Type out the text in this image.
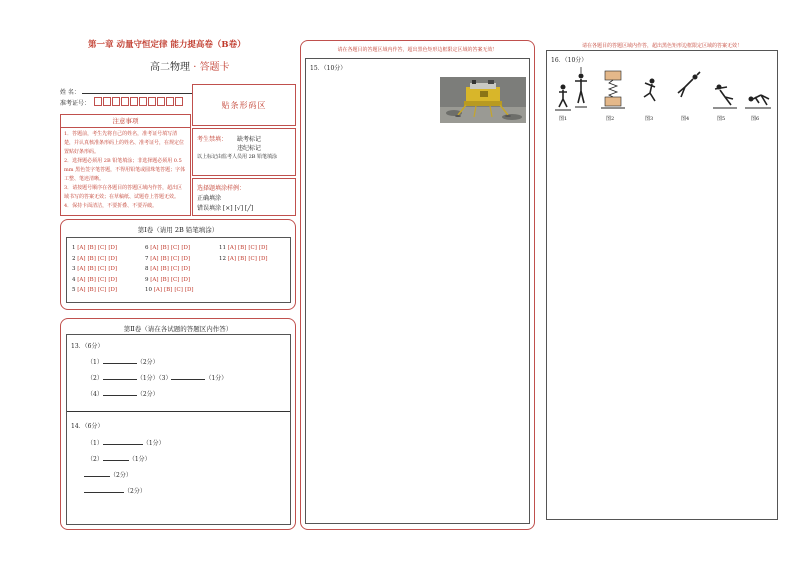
第一章 动量守恒定律 能力提高卷（B卷）
高二物理 · 答题卡
姓 名：
准考证号：	贴条形码区
注意事项
1．答题前，考生先将自己的姓名，准考证号填写清楚，并认真核准条形码上的姓名、准考证号，在规定位置贴好条形码。
2．选择题必须用 2B 铅笔填涂；非选择题必须用 0.5 mm 黑色签字笔答题，不得用铅笔或圆珠笔答题；字体工整、笔迹清晰。
3．请按题号顺序在各题目的答题区域内作答，超出区域书写的答案无效；在草稿纸、试题卷上答题无效。
4．保持卡面清洁，不要折叠、不要弄破。
考生禁填： 缺考标记
违纪标记
以上标记由监考人员用 2B 铅笔填涂
选择题填涂样例：
正确填涂
错误填涂 [×] [√] [╱]
第Ⅰ卷（请用 2B 铅笔填涂）
1 [A] [B] [C] [D]
2 [A] [B] [C] [D]
3 [A] [B] [C] [D]
4 [A] [B] [C] [D]
5 [A] [B] [C] [D]
6 [A] [B] [C] [D]
7 [A] [B] [C] [D]
8 [A] [B] [C] [D]
9 [A] [B] [C] [D]
10 [A] [B] [C] [D]
11 [A] [B] [C] [D]
12 [A] [B] [C] [D]
第Ⅱ卷（请在各试题的答题区内作答）
13．（6分）
（1）	（2分）
（2）	（1分）（3）	（1分）
（4）	（2分）
14．（6分）
（1）	（1分）
（2）	（1分）
（2分）
（2分）
请在各题目的答题区域内作答，超出黑色矩形边框限定区域的答案无效！
15．（10分）
请在各题目的答题区域内作答，超出黑色矩形边框限定区域的答案无效！
16．（10分）
图1	图2	图3	图4	图5	图6
